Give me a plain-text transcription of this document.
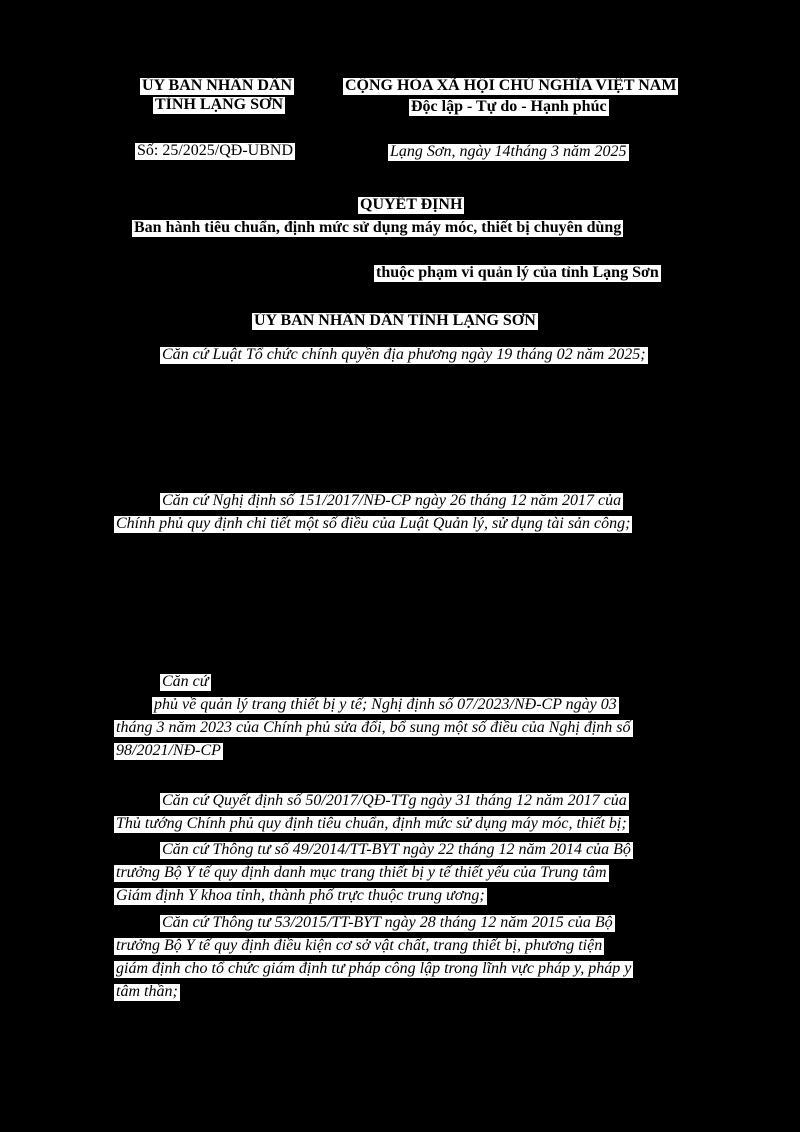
ỦY BAN NHÂN DÂN
TỈNH LẠNG SƠN
Số: 25/2025/QĐ-UBND
CỘNG HÒA XÃ HỘI CHỦ NGHĨA VIỆT NAM
Độc lập - Tự do - Hạnh phúc
Lạng Sơn, ngày 14tháng 3 năm 2025
QUYẾT ĐỊNH
Ban hành tiêu chuẩn, định mức sử dụng máy móc, thiết bị chuyên dùng
thuộc phạm vi quản lý của tỉnh Lạng Sơn
ỦY BAN NHÂN DÂN TỈNH LẠNG SƠN
Căn cứ Luật Tổ chức chính quyền địa phương ngày 19 tháng 02 năm 2025;
Căn cứ Nghị định số 151/2017/NĐ-CP ngày 26 tháng 12 năm 2017 của
Chính phủ quy định chi tiết một số điều của Luật Quản lý, sử dụng tài sản công;
Căn cứ
phủ về quản lý trang thiết bị y tế; Nghị định số 07/2023/NĐ-CP ngày 03
tháng 3 năm 2023 của Chính phủ sửa đổi, bổ sung một số điều của Nghị định số
98/2021/NĐ-CP
Căn cứ Quyết định số 50/2017/QĐ-TTg ngày 31 tháng 12 năm 2017 của
Thủ tướng Chính phủ quy định tiêu chuẩn, định mức sử dụng máy móc, thiết bị;
Căn cứ Thông tư số 49/2014/TT-BYT ngày 22 tháng 12 năm 2014 của Bộ
trưởng Bộ Y tế quy định danh mục trang thiết bị y tế thiết yếu của Trung tâm
Giám định Y khoa tỉnh, thành phố trực thuộc trung ương;
Căn cứ Thông tư 53/2015/TT-BYT ngày 28 tháng 12 năm 2015 của Bộ
trưởng Bộ Y tế quy định điều kiện cơ sở vật chất, trang thiết bị, phương tiện
giám định cho tổ chức giám định tư pháp công lập trong lĩnh vực pháp y, pháp y
tâm thần;
